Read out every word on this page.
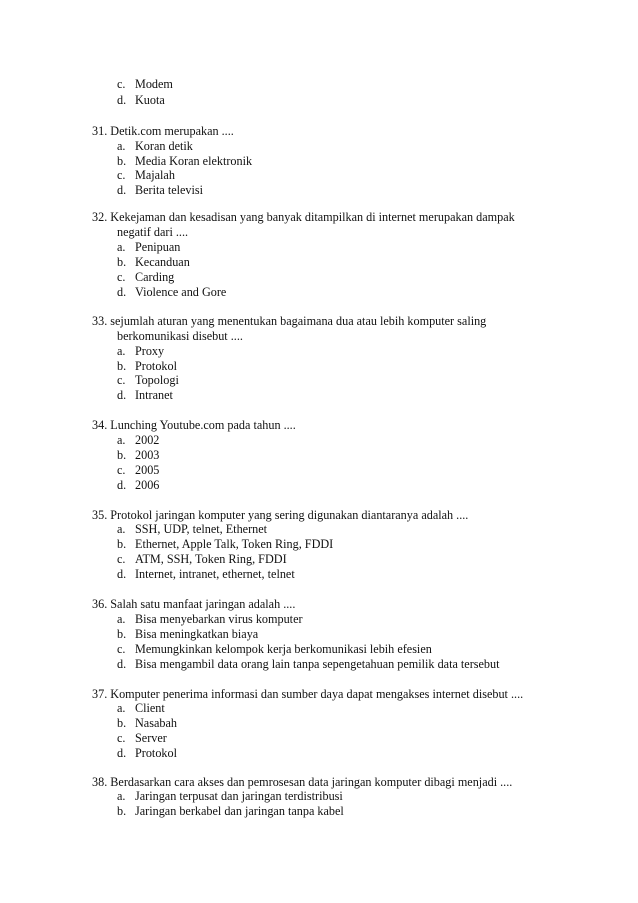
c. Modem
d. Kuota
31. Detik.com merupakan ....
a. Koran detik
b. Media Koran elektronik
c. Majalah
d. Berita televisi
32. Kekejaman dan kesadisan yang banyak ditampilkan di internet merupakan dampak
negatif dari ....
a. Penipuan
b. Kecanduan
c. Carding
d. Violence and Gore
33. sejumlah aturan yang menentukan bagaimana dua atau lebih komputer saling
berkomunikasi disebut ....
a. Proxy
b. Protokol
c. Topologi
d. Intranet
34. Lunching Youtube.com pada tahun ....
a. 2002
b. 2003
c. 2005
d. 2006
35. Protokol jaringan komputer yang sering digunakan diantaranya adalah ....
a. SSH, UDP, telnet, Ethernet
b. Ethernet, Apple Talk, Token Ring, FDDI
c. ATM, SSH, Token Ring, FDDI
d. Internet, intranet, ethernet, telnet
36. Salah satu manfaat jaringan adalah ....
a. Bisa menyebarkan virus komputer
b. Bisa meningkatkan biaya
c. Memungkinkan kelompok kerja berkomunikasi lebih efesien
d. Bisa mengambil data orang lain tanpa sepengetahuan pemilik data tersebut
37. Komputer penerima informasi dan sumber daya dapat mengakses internet disebut ....
a. Client
b. Nasabah
c. Server
d. Protokol
38. Berdasarkan cara akses dan pemrosesan data jaringan komputer dibagi menjadi ....
a. Jaringan terpusat dan jaringan terdistribusi
b. Jaringan berkabel dan jaringan tanpa kabel
